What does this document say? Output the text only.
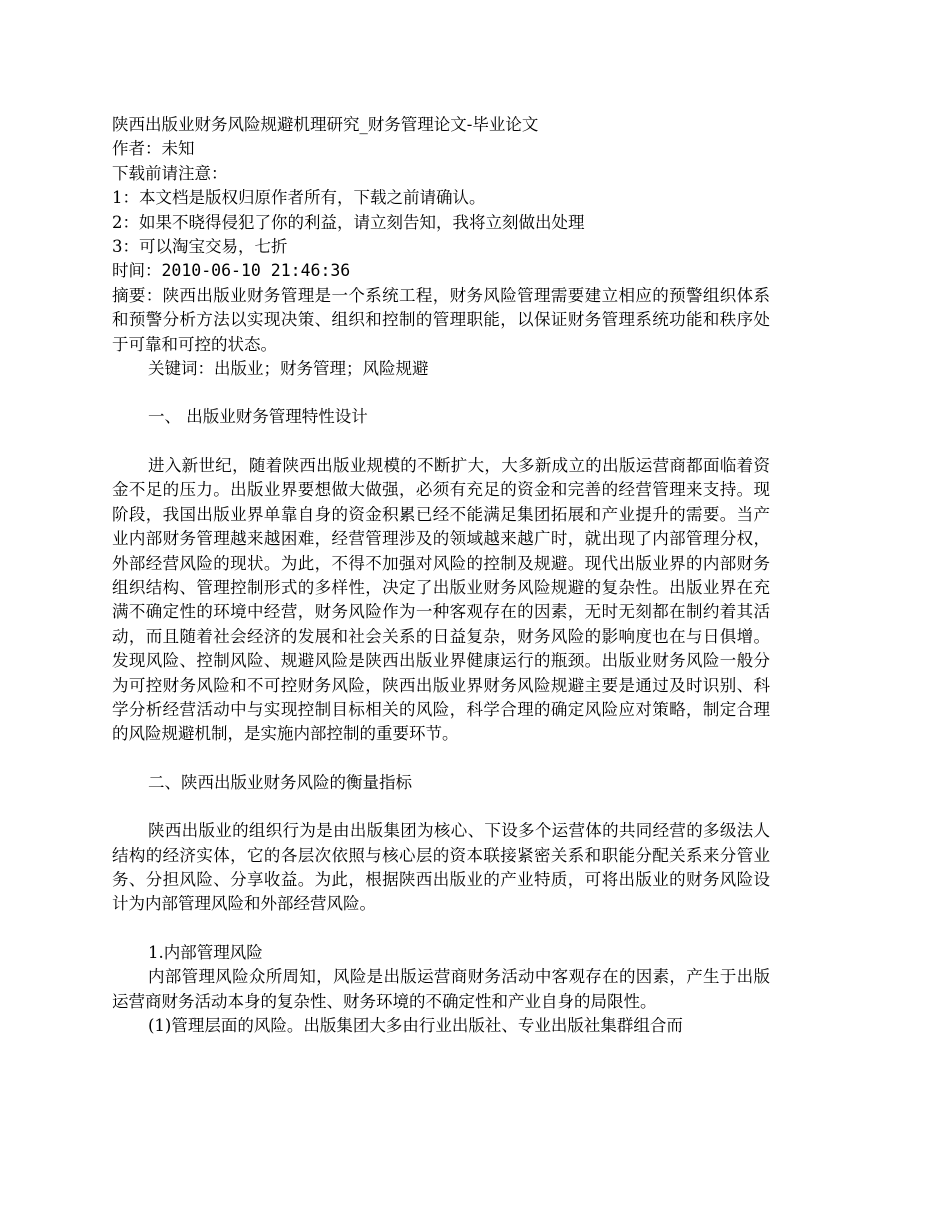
陕西出版业财务风险规避机理研究_财务管理论文-毕业论文
作者：未知
下载前请注意：
1：本文档是版权归原作者所有，下载之前请确认。
2：如果不晓得侵犯了你的利益，请立刻告知，我将立刻做出处理
3：可以淘宝交易，七折
时间：2010-06-10 21:46:36
摘要：陕西出版业财务管理是一个系统工程，财务风险管理需要建立相应的预警组织体系和预警分析方法以实现决策、组织和控制的管理职能，以保证财务管理系统功能和秩序处于可靠和可控的状态。
关键词：出版业；财务管理；风险规避
一、 出版业财务管理特性设计
进入新世纪，随着陕西出版业规模的不断扩大，大多新成立的出版运营商都面临着资金不足的压力。出版业界要想做大做强，必须有充足的资金和完善的经营管理来支持。现阶段，我国出版业界单靠自身的资金积累已经不能满足集团拓展和产业提升的需要。当产业内部财务管理越来越困难，经营管理涉及的领域越来越广时，就出现了内部管理分权，外部经营风险的现状。为此，不得不加强对风险的控制及规避。现代出版业界的内部财务组织结构、管理控制形式的多样性，决定了出版业财务风险规避的复杂性。出版业界在充满不确定性的环境中经营，财务风险作为一种客观存在的因素，无时无刻都在制约着其活动，而且随着社会经济的发展和社会关系的日益复杂，财务风险的影响度也在与日俱增。发现风险、控制风险、规避风险是陕西出版业界健康运行的瓶颈。出版业财务风险一般分为可控财务风险和不可控财务风险，陕西出版业界财务风险规避主要是通过及时识别、科学分析经营活动中与实现控制目标相关的风险，科学合理的确定风险应对策略，制定合理的风险规避机制，是实施内部控制的重要环节。
二、陕西出版业财务风险的衡量指标
陕西出版业的组织行为是由出版集团为核心、下设多个运营体的共同经营的多级法人结构的经济实体，它的各层次依照与核心层的资本联接紧密关系和职能分配关系来分管业务、分担风险、分享收益。为此，根据陕西出版业的产业特质，可将出版业的财务风险设计为内部管理风险和外部经营风险。
1.内部管理风险
内部管理风险众所周知，风险是出版运营商财务活动中客观存在的因素，产生于出版运营商财务活动本身的复杂性、财务环境的不确定性和产业自身的局限性。
(1)管理层面的风险。出版集团大多由行业出版社、专业出版社集群组合而
